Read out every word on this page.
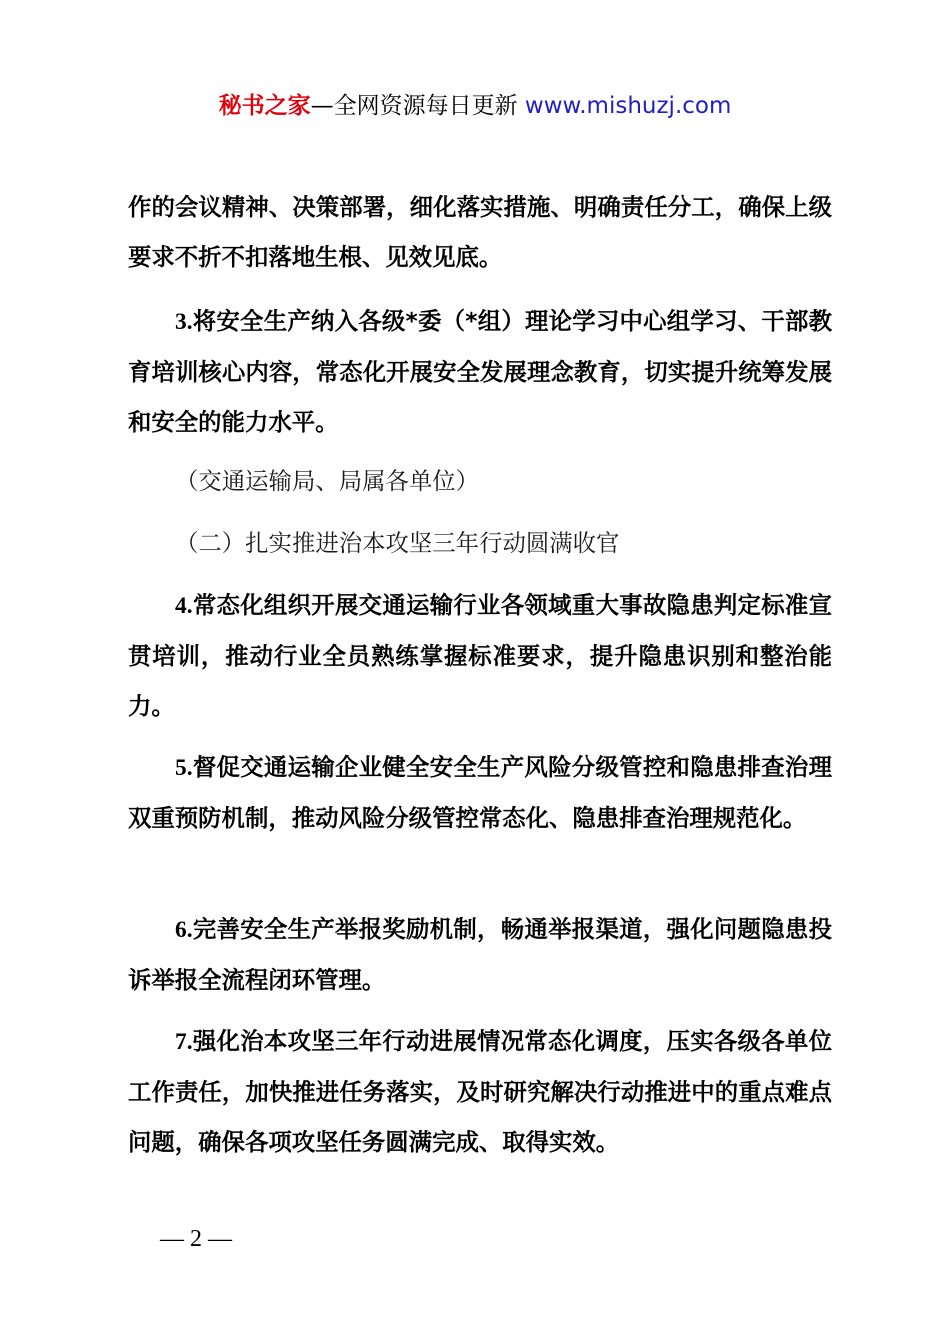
秘书之家—全网资源每日更新 www.mishuzj.com

作的会议精神、决策部署，细化落实措施、明确责任分工，确保上级要求不折不扣落地生根、见效见底。

3.将安全生产纳入各级*委（*组）理论学习中心组学习、干部教育培训核心内容，常态化开展安全发展理念教育，切实提升统筹发展和安全的能力水平。

（交通运输局、局属各单位）

（二）扎实推进治本攻坚三年行动圆满收官

4.常态化组织开展交通运输行业各领域重大事故隐患判定标准宣贯培训，推动行业全员熟练掌握标准要求，提升隐患识别和整治能力。

5.督促交通运输企业健全安全生产风险分级管控和隐患排查治理双重预防机制，推动风险分级管控常态化、隐患排查治理规范化。

6.完善安全生产举报奖励机制，畅通举报渠道，强化问题隐患投诉举报全流程闭环管理。

7.强化治本攻坚三年行动进展情况常态化调度，压实各级各单位工作责任，加快推进任务落实，及时研究解决行动推进中的重点难点问题，确保各项攻坚任务圆满完成、取得实效。

— 2 —
